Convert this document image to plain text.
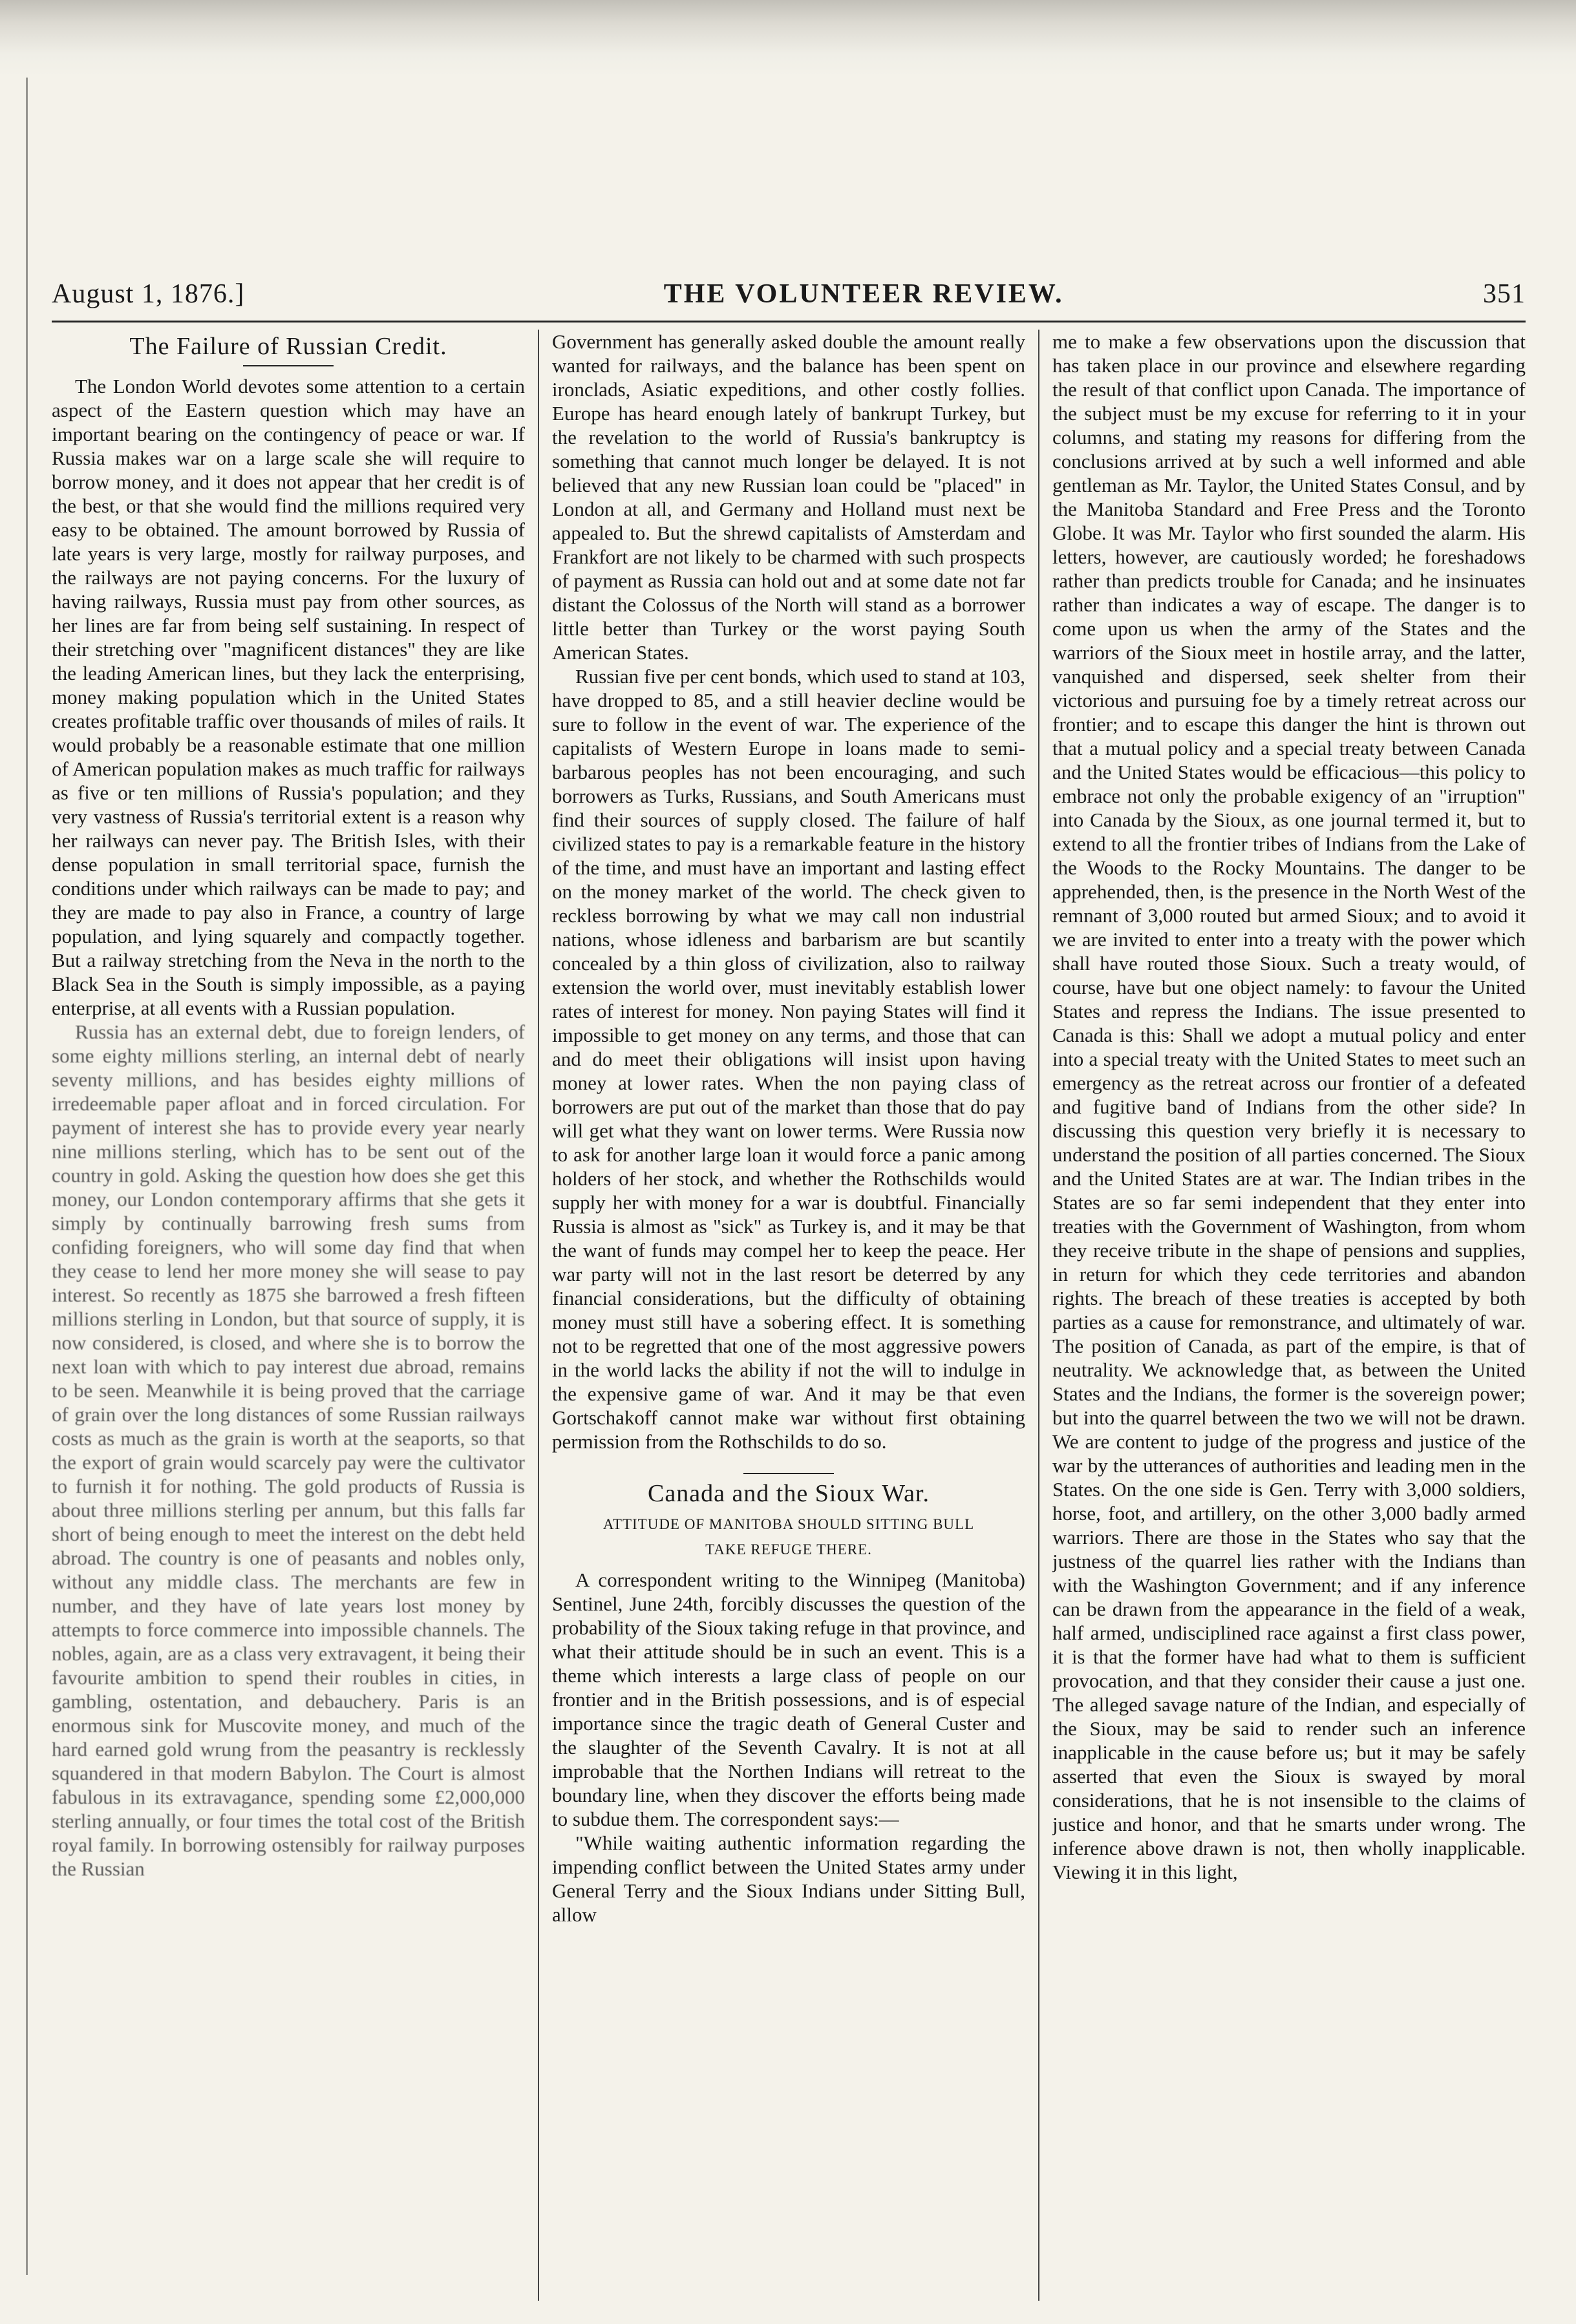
August 1, 1876.]	THE VOLUNTEER REVIEW.	351
The Failure of Russian Credit.

The London World devotes some attention to a certain aspect of the Eastern question which may have an important bearing on the contingency of peace or war. If Russia makes war on a large scale she will require to borrow money, and it does not appear that her credit is of the best, or that she would find the millions required very easy to be obtained. The amount borrowed by Russia of late years is very large, mostly for railway purposes, and the railways are not paying concerns. For the luxury of having railways, Russia must pay from other sources, as her lines are far from being self sustaining. In respect of their stretching over "magnificent distances" they are like the leading American lines, but they lack the enterprising, money making population which in the United States creates profitable traffic over thousands of miles of rails. It would probably be a reasonable estimate that one million of American population makes as much traffic for railways as five or ten millions of Russia's population; and they very vastness of Russia's territorial extent is a reason why her railways can never pay. The British Isles, with their dense population in small territorial space, furnish the conditions under which railways can be made to pay; and they are made to pay also in France, a country of large population, and lying squarely and compactly together. But a railway stretching from the Neva in the north to the Black Sea in the South is simply impossible, as a paying enterprise, at all events with a Russian population.

Russia has an external debt, due to foreign lenders, of some eighty millions sterling, an internal debt of nearly seventy millions, and has besides eighty millions of irredeemable paper afloat and in forced circulation. For payment of interest she has to provide every year nearly nine millions sterling, which has to be sent out of the country in gold. Asking the question how does she get this money, our London contemporary affirms that she gets it simply by continually barrowing fresh sums from confiding foreigners, who will some day find that when they cease to lend her more money she will sease to pay interest. So recently as 1875 she barrowed a fresh fifteen millions sterling in London, but that source of supply, it is now considered, is closed, and where she is to borrow the next loan with which to pay interest due abroad, remains to be seen. Meanwhile it is being proved that the carriage of grain over the long distances of some Russian railways costs as much as the grain is worth at the seaports, so that the export of grain would scarcely pay were the cultivator to furnish it for nothing. The gold products of Russia is about three millions sterling per annum, but this falls far short of being enough to meet the interest on the debt held abroad. The country is one of peasants and nobles only, without any middle class. The merchants are few in number, and they have of late years lost money by attempts to force commerce into impossible channels. The nobles, again, are as a class very extravagent, it being their favourite ambition to spend their roubles in cities, in gambling, ostentation, and debauchery. Paris is an enormous sink for Muscovite money, and much of the hard earned gold wrung from the peasantry is recklessly squandered in that modern Babylon. The Court is almost fabulous in its extravagance, spending some £2,000,000 sterling annually, or four times the total cost of the British royal family. In borrowing ostensibly for railway purposes the Russian

Government has generally asked double the amount really wanted for railways, and the balance has been spent on ironclads, Asiatic expeditions, and other costly follies. Europe has heard enough lately of bankrupt Turkey, but the revelation to the world of Russia's bankruptcy is something that cannot much longer be delayed. It is not believed that any new Russian loan could be "placed" in London at all, and Germany and Holland must next be appealed to. But the shrewd capitalists of Amsterdam and Frankfort are not likely to be charmed with such prospects of payment as Russia can hold out and at some date not far distant the Colossus of the North will stand as a borrower little better than Turkey or the worst paying South American States.

Russian five per cent bonds, which used to stand at 103, have dropped to 85, and a still heavier decline would be sure to follow in the event of war. The experience of the capitalists of Western Europe in loans made to semi-barbarous peoples has not been encouraging, and such borrowers as Turks, Russians, and South Americans must find their sources of supply closed. The failure of half civilized states to pay is a remarkable feature in the history of the time, and must have an important and lasting effect on the money market of the world. The check given to reckless borrowing by what we may call non industrial nations, whose idleness and barbarism are but scantily concealed by a thin gloss of civilization, also to railway extension the world over, must inevitably establish lower rates of interest for money. Non paying States will find it impossible to get money on any terms, and those that can and do meet their obligations will insist upon having money at lower rates. When the non paying class of borrowers are put out of the market than those that do pay will get what they want on lower terms. Were Russia now to ask for another large loan it would force a panic among holders of her stock, and whether the Rothschilds would supply her with money for a war is doubtful. Financially Russia is almost as "sick" as Turkey is, and it may be that the want of funds may compel her to keep the peace. Her war party will not in the last resort be deterred by any financial considerations, but the difficulty of obtaining money must still have a sobering effect. It is something not to be regretted that one of the most aggressive powers in the world lacks the ability if not the will to indulge in the expensive game of war. And it may be that even Gortschakoff cannot make war without first obtaining permission from the Rothschilds to do so.

Canada and the Sioux War.
ATTITUDE OF MANITOBA SHOULD SITTING BULL
TAKE REFUGE THERE.

A correspondent writing to the Winnipeg (Manitoba) Sentinel, June 24th, forcibly discusses the question of the probability of the Sioux taking refuge in that province, and what their attitude should be in such an event. This is a theme which interests a large class of people on our frontier and in the British possessions, and is of especial importance since the tragic death of General Custer and the slaughter of the Seventh Cavalry. It is not at all improbable that the Northen Indians will retreat to the boundary line, when they discover the efforts being made to subdue them. The correspondent says:—

"While waiting authentic information regarding the impending conflict between the United States army under General Terry and the Sioux Indians under Sitting Bull, allow

me to make a few observations upon the discussion that has taken place in our province and elsewhere regarding the result of that conflict upon Canada. The importance of the subject must be my excuse for referring to it in your columns, and stating my reasons for differing from the conclusions arrived at by such a well informed and able gentleman as Mr. Taylor, the United States Consul, and by the Manitoba Standard and Free Press and the Toronto Globe. It was Mr. Taylor who first sounded the alarm. His letters, however, are cautiously worded; he foreshadows rather than predicts trouble for Canada; and he insinuates rather than indicates a way of escape. The danger is to come upon us when the army of the States and the warriors of the Sioux meet in hostile array, and the latter, vanquished and dispersed, seek shelter from their victorious and pursuing foe by a timely retreat across our frontier; and to escape this danger the hint is thrown out that a mutual policy and a special treaty between Canada and the United States would be efficacious—this policy to embrace not only the probable exigency of an "irruption" into Canada by the Sioux, as one journal termed it, but to extend to all the frontier tribes of Indians from the Lake of the Woods to the Rocky Mountains. The danger to be apprehended, then, is the presence in the North West of the remnant of 3,000 routed but armed Sioux; and to avoid it we are invited to enter into a treaty with the power which shall have routed those Sioux. Such a treaty would, of course, have but one object namely: to favour the United States and repress the Indians. The issue presented to Canada is this: Shall we adopt a mutual policy and enter into a special treaty with the United States to meet such an emergency as the retreat across our frontier of a defeated and fugitive band of Indians from the other side? In discussing this question very briefly it is necessary to understand the position of all parties concerned. The Sioux and the United States are at war. The Indian tribes in the States are so far semi independent that they enter into treaties with the Government of Washington, from whom they receive tribute in the shape of pensions and supplies, in return for which they cede territories and abandon rights. The breach of these treaties is accepted by both parties as a cause for remonstrance, and ultimately of war. The position of Canada, as part of the empire, is that of neutrality. We acknowledge that, as between the United States and the Indians, the former is the sovereign power; but into the quarrel between the two we will not be drawn. We are content to judge of the progress and justice of the war by the utterances of authorities and leading men in the States. On the one side is Gen. Terry with 3,000 soldiers, horse, foot, and artillery, on the other 3,000 badly armed warriors. There are those in the States who say that the justness of the quarrel lies rather with the Indians than with the Washington Government; and if any inference can be drawn from the appearance in the field of a weak, half armed, undisciplined race against a first class power, it is that the former have had what to them is sufficient provocation, and that they consider their cause a just one. The alleged savage nature of the Indian, and especially of the Sioux, may be said to render such an inference inapplicable in the cause before us; but it may be safely asserted that even the Sioux is swayed by moral considerations, that he is not insensible to the claims of justice and honor, and that he smarts under wrong. The inference above drawn is not, then wholly inapplicable. Viewing it in this light,
